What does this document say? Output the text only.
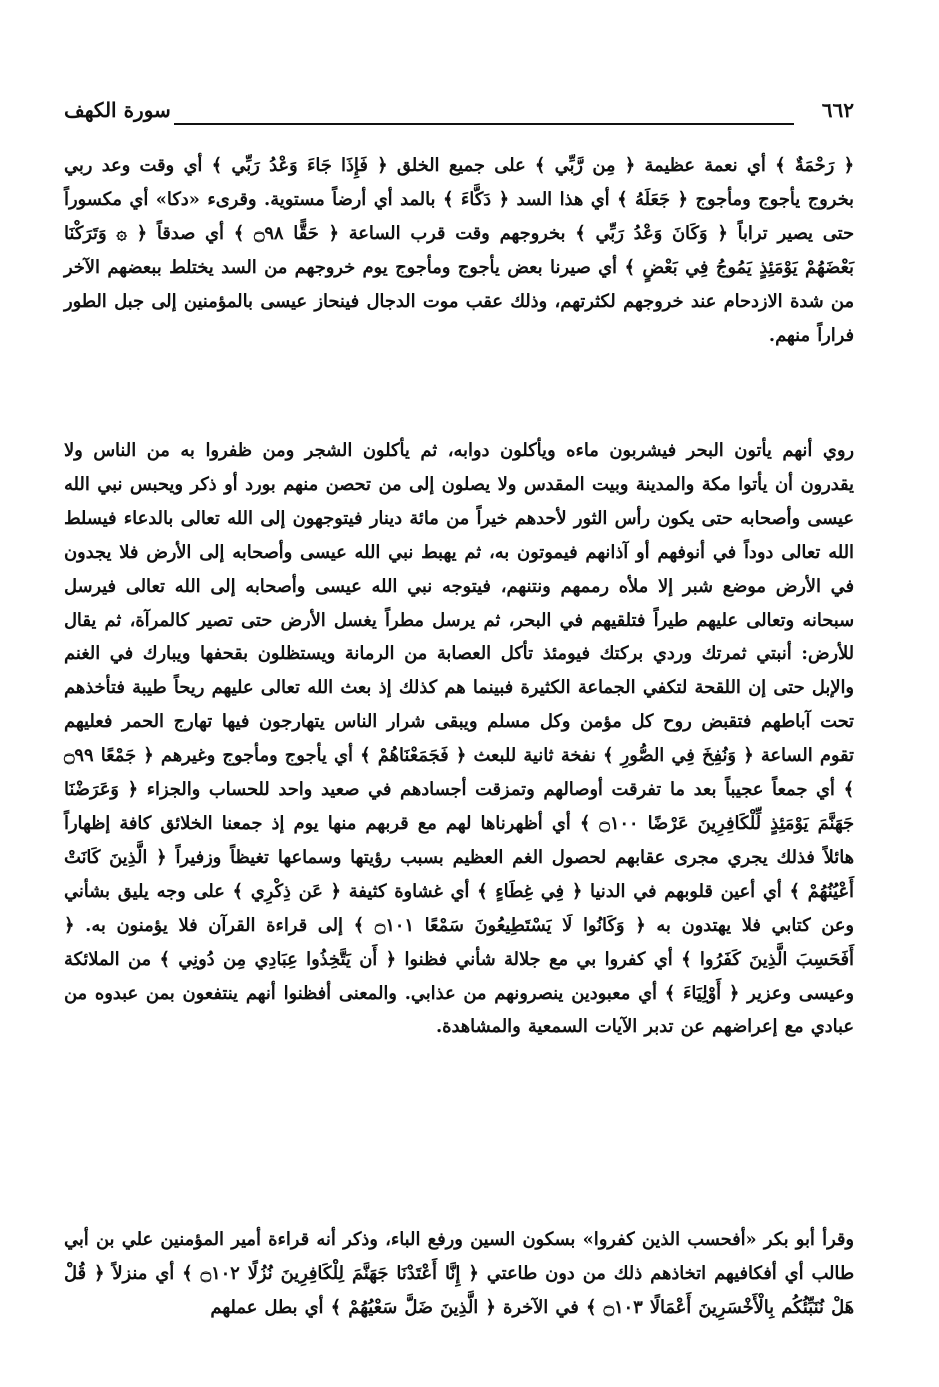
٦٦٢
سورة الكهف

﴿ رَحْمَةٌ ﴾ أي نعمة عظيمة ﴿ مِن رَّبِّي ﴾ على جميع الخلق ﴿ فَإِذَا جَاءَ وَعْدُ رَبِّي ﴾ أي وقت وعد ربي بخروج يأجوج ومأجوج ﴿ جَعَلَهُ ﴾ أي هذا السد ﴿ دَكَّاءَ ﴾ بالمد أي أرضاً مستوية. وقرىء «دكا» أي مكسوراً حتى يصير تراباً ﴿ وَكَانَ وَعْدُ رَبِّي ﴾ بخروجهم وقت قرب الساعة ﴿ حَقًّا ۝٩٨ ﴾ أي صدقاً ﴿ ۞ وَتَرَكْنَا بَعْضَهُمْ يَوْمَئِذٍ يَمُوجُ فِي بَعْضٍ ﴾ أي صيرنا بعض يأجوج ومأجوج يوم خروجهم من السد يختلط ببعضهم الآخر من شدة الازدحام عند خروجهم لكثرتهم، وذلك عقب موت الدجال فينحاز عيسى بالمؤمنين إلى جبل الطور فراراً منهم.

روي أنهم يأتون البحر فيشربون ماءه ويأكلون دوابه، ثم يأكلون الشجر ومن ظفروا به من الناس ولا يقدرون أن يأتوا مكة والمدينة وبيت المقدس ولا يصلون إلى من تحصن منهم بورد أو ذكر ويحبس نبي الله عيسى وأصحابه حتى يكون رأس الثور لأحدهم خيراً من مائة دينار فيتوجهون إلى الله تعالى بالدعاء فيسلط الله تعالى دوداً في أنوفهم أو آذانهم فيموتون به، ثم يهبط نبي الله عيسى وأصحابه إلى الأرض فلا يجدون في الأرض موضع شبر إلا ملأه رممهم ونتنهم، فيتوجه نبي الله عيسى وأصحابه إلى الله تعالى فيرسل سبحانه وتعالى عليهم طيراً فتلقيهم في البحر، ثم يرسل مطراً يغسل الأرض حتى تصير كالمرآة، ثم يقال للأرض: أنبتي ثمرتك وردي بركتك فيومئذ تأكل العصابة من الرمانة ويستظلون بقحفها ويبارك في الغنم والإبل حتى إن اللقحة لتكفي الجماعة الكثيرة فبينما هم كذلك إذ بعث الله تعالى عليهم ريحاً طيبة فتأخذهم تحت آباطهم فتقبض روح كل مؤمن وكل مسلم ويبقى شرار الناس يتهارجون فيها تهارج الحمر فعليهم تقوم الساعة ﴿ وَنُفِخَ فِي الصُّورِ ﴾ نفخة ثانية للبعث ﴿ فَجَمَعْنَاهُمْ ﴾ أي يأجوج ومأجوج وغيرهم ﴿ جَمْعًا ۝٩٩ ﴾ أي جمعاً عجيباً بعد ما تفرقت أوصالهم وتمزقت أجسادهم في صعيد واحد للحساب والجزاء ﴿ وَعَرَضْنَا جَهَنَّمَ يَوْمَئِذٍ لِّلْكَافِرِينَ عَرْضًا ۝١٠٠ ﴾ أي أظهرناها لهم مع قربهم منها يوم إذ جمعنا الخلائق كافة إظهاراً هائلاً فذلك يجري مجرى عقابهم لحصول الغم العظيم بسبب رؤيتها وسماعها تغيظاً وزفيراً ﴿ الَّذِينَ كَانَتْ أَعْيُنُهُمْ ﴾ أي أعين قلوبهم في الدنيا ﴿ فِي غِطَاءٍ ﴾ أي غشاوة كثيفة ﴿ عَن ذِكْرِي ﴾ على وجه يليق بشأني وعن كتابي فلا يهتدون به ﴿ وَكَانُوا لَا يَسْتَطِيعُونَ سَمْعًا ۝١٠١ ﴾ إلى قراءة القرآن فلا يؤمنون به. ﴿ أَفَحَسِبَ الَّذِينَ كَفَرُوا ﴾ أي كفروا بي مع جلالة شأني فظنوا ﴿ أَن يَتَّخِذُوا عِبَادِي مِن دُونِي ﴾ من الملائكة وعيسى وعزير ﴿ أَوْلِيَاءَ ﴾ أي معبودين ينصرونهم من عذابي. والمعنى أفظنوا أنهم ينتفعون بمن عبدوه من عبادي مع إعراضهم عن تدبر الآيات السمعية والمشاهدة.

وقرأ أبو بكر «أفحسب الذين كفروا» بسكون السين ورفع الباء، وذكر أنه قراءة أمير المؤمنين علي بن أبي طالب أي أفكافيهم اتخاذهم ذلك من دون طاعتي ﴿ إِنَّا أَعْتَدْنَا جَهَنَّمَ لِلْكَافِرِينَ نُزُلًا ۝١٠٢ ﴾ أي منزلاً ﴿ قُلْ هَلْ نُنَبِّئُكُم بِالْأَخْسَرِينَ أَعْمَالًا ۝١٠٣ ﴾ في الآخرة ﴿ الَّذِينَ ضَلَّ سَعْيُهُمْ ﴾ أي بطل عملهم
